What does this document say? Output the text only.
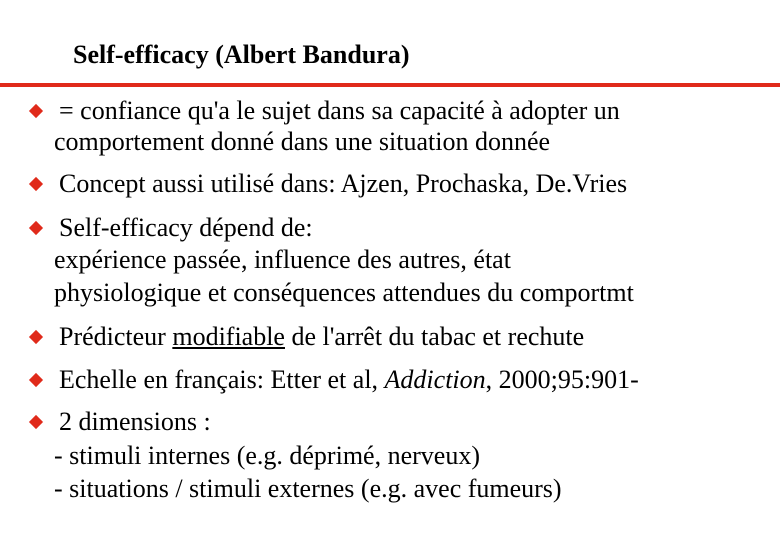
Self-efficacy (Albert Bandura)
= confiance qu'a le sujet dans sa capacité à adopter un
comportement donné dans une situation donnée
Concept aussi utilisé dans: Ajzen, Prochaska, De.Vries
Self-efficacy dépend de:
expérience passée, influence des autres, état
physiologique et conséquences attendues du comportmt
Prédicteur modifiable de l'arrêt du tabac et rechute
Echelle en français: Etter et al, Addiction, 2000;95:901-
2 dimensions :
- stimuli internes (e.g. déprimé, nerveux)
- situations / stimuli externes (e.g. avec fumeurs)
